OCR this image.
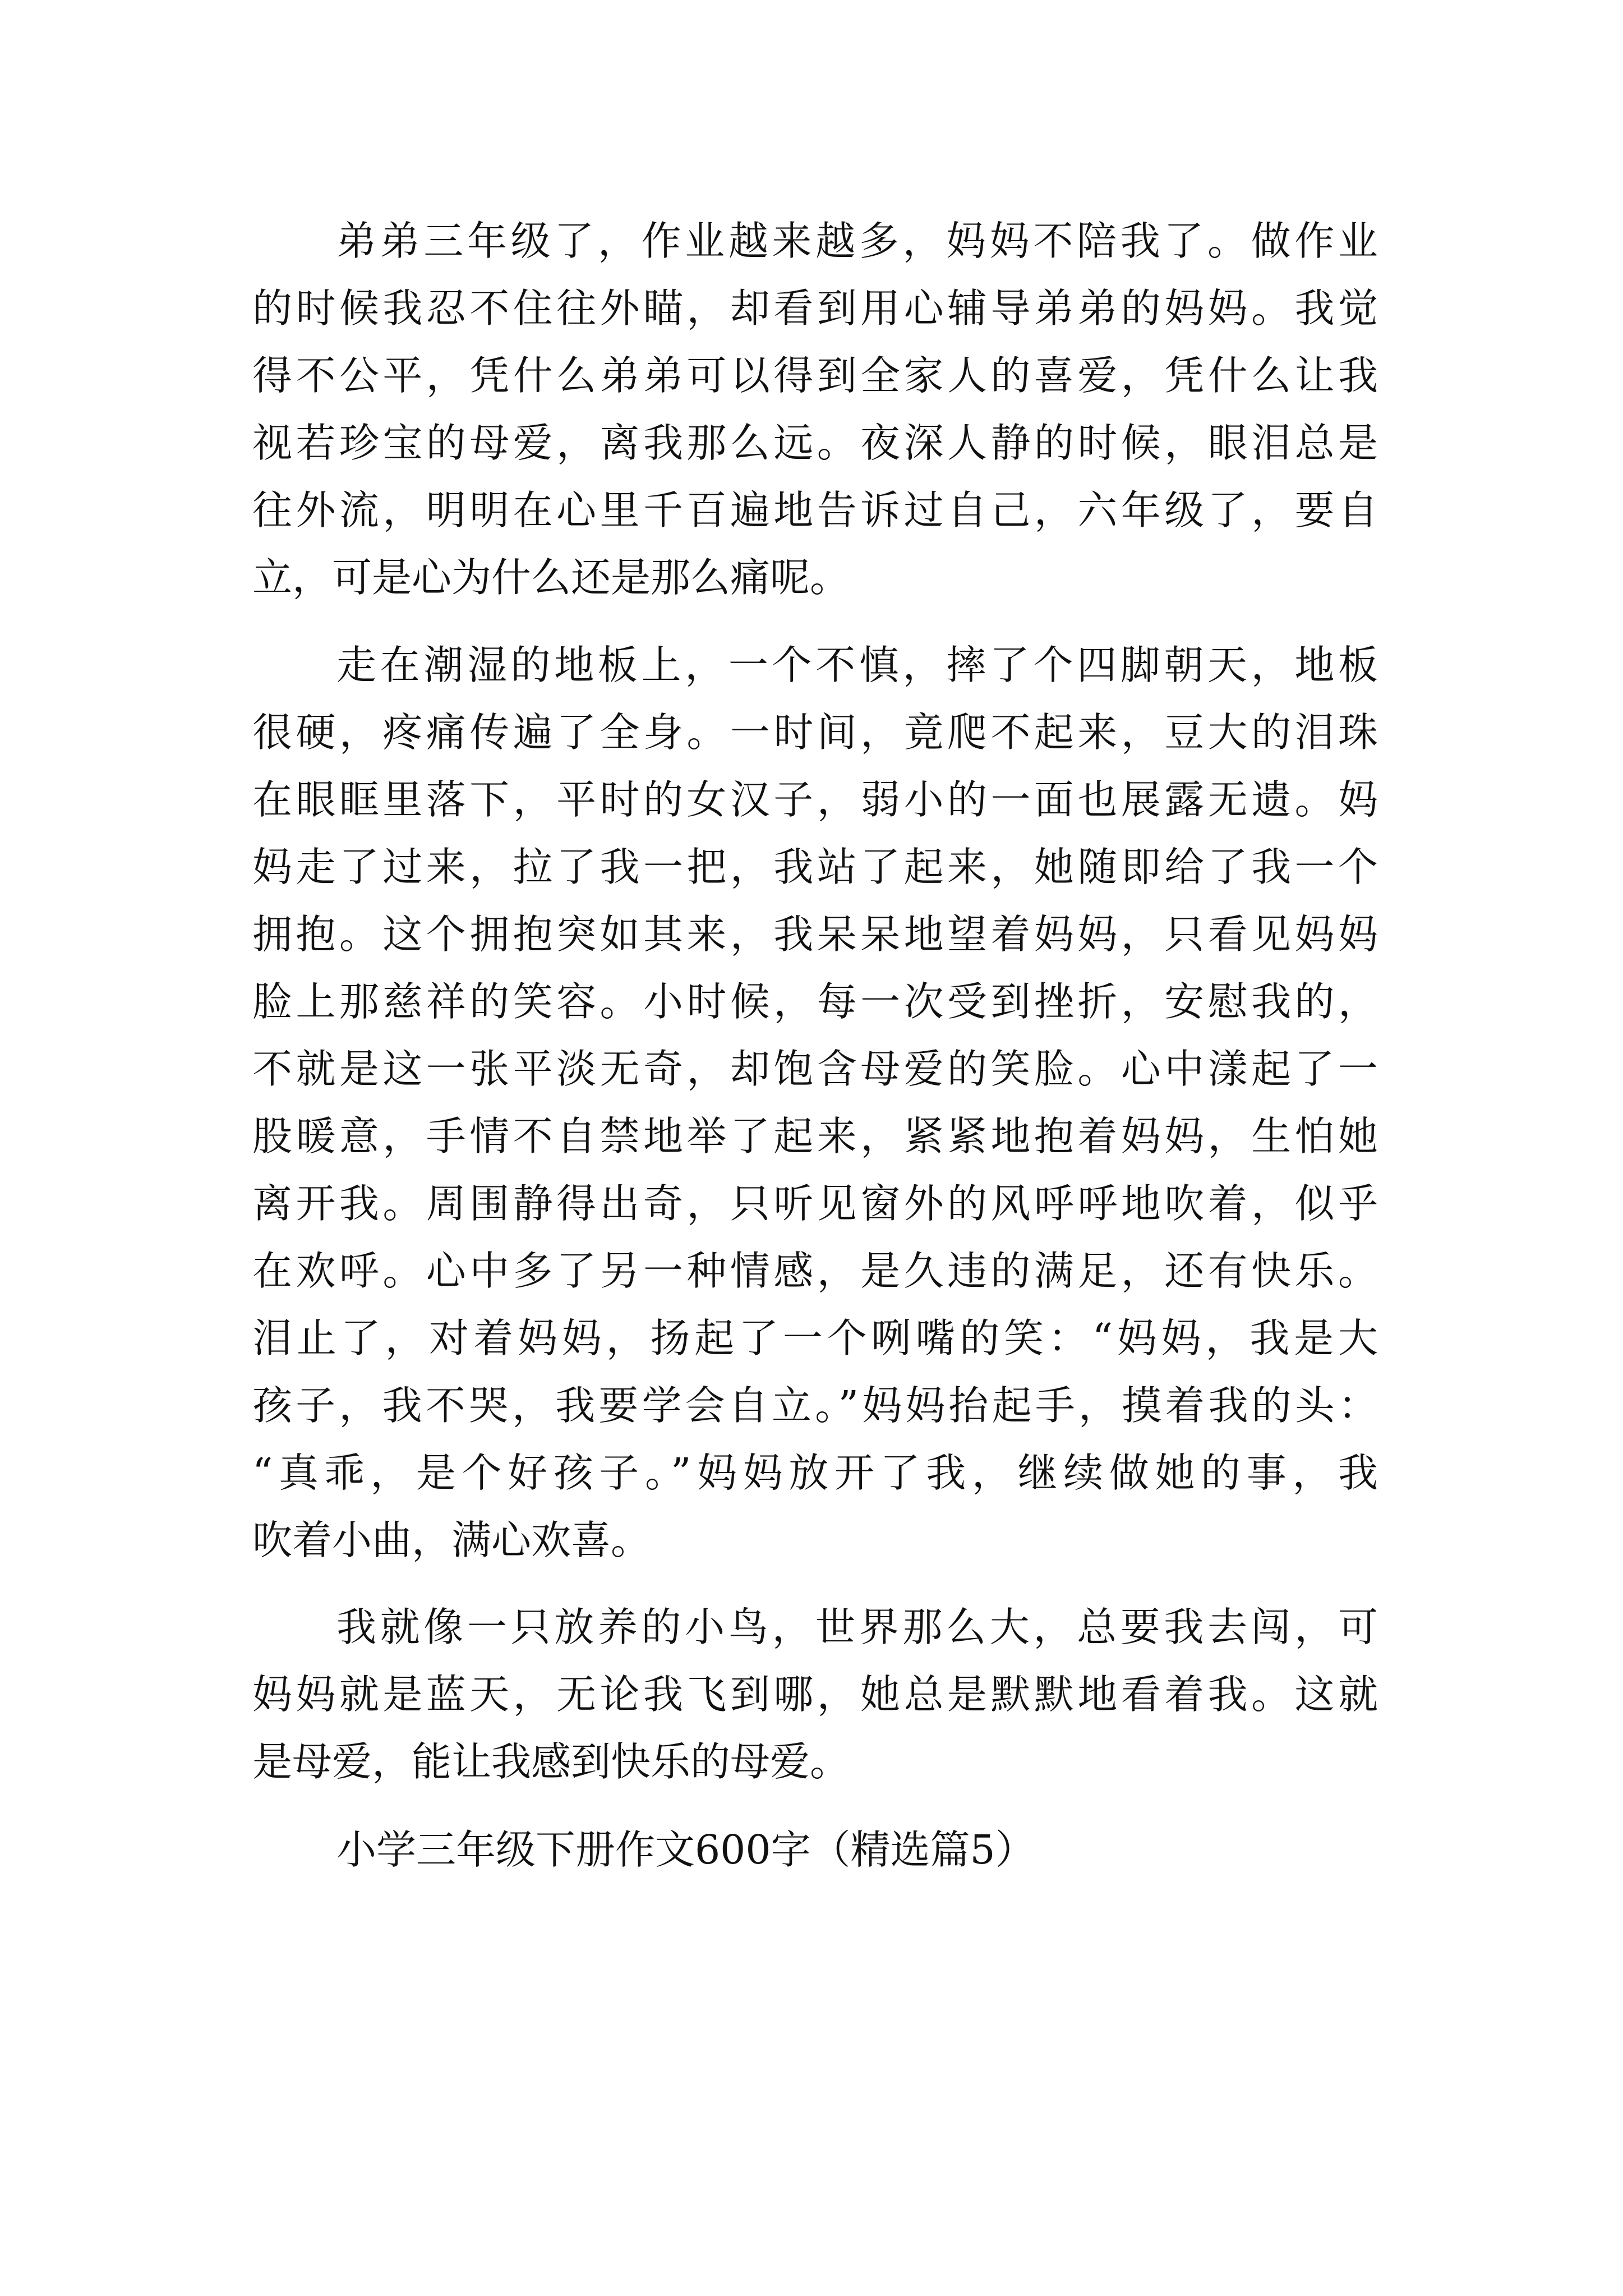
弟弟三年级了，作业越来越多，妈妈不陪我了。做作业

的时候我忍不住往外瞄，却看到用心辅导弟弟的妈妈。我觉

得不公平，凭什么弟弟可以得到全家人的喜爱，凭什么让我

视若珍宝的母爱，离我那么远。夜深人静的时候，眼泪总是

往外流，明明在心里千百遍地告诉过自己，六年级了，要自

立，可是心为什么还是那么痛呢。

走在潮湿的地板上，一个不慎，摔了个四脚朝天，地板

很硬，疼痛传遍了全身。一时间，竟爬不起来，豆大的泪珠

在眼眶里落下，平时的女汉子，弱小的一面也展露无遗。妈

妈走了过来，拉了我一把，我站了起来，她随即给了我一个

拥抱。这个拥抱突如其来，我呆呆地望着妈妈，只看见妈妈

脸上那慈祥的笑容。小时候，每一次受到挫折，安慰我的，

不就是这一张平淡无奇，却饱含母爱的笑脸。心中漾起了一

股暖意，手情不自禁地举了起来，紧紧地抱着妈妈，生怕她

离开我。周围静得出奇，只听见窗外的风呼呼地吹着，似乎

在欢呼。心中多了另一种情感，是久违的满足，还有快乐。

泪止了，对着妈妈，扬起了一个咧嘴的笑：“妈妈，我是大

孩子，我不哭，我要学会自立。”妈妈抬起手，摸着我的头：

“真乖，是个好孩子。”妈妈放开了我，继续做她的事，我

吹着小曲，满心欢喜。

我就像一只放养的小鸟，世界那么大，总要我去闯，可

妈妈就是蓝天，无论我飞到哪，她总是默默地看着我。这就

是母爱，能让我感到快乐的母爱。

小学三年级下册作文600字（精选篇5）
